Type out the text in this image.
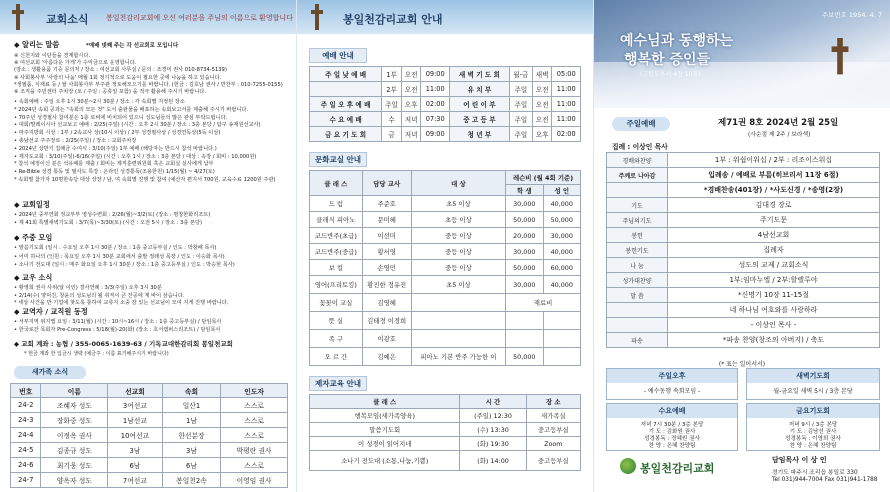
교회소식 봉일천감리교회에 오신 여러분을 주님의 이름으로 환영합니다
◆ 알리는 말씀	*예배 넷째 주는 각 선교회로 모입니다
※ 신천지와 이단들을 경계합시다.
※ 여선교회 '아름다운 가게'가 수익금으로 운영합니다.
(장소 : 생활용품 기증 문의처 / 장소 : 여선교회 사무실 / 문의 : 조경미 권사 010-8734-5139)
※ 사회봉사부 '사랑의 나눔' 매월 1회 정기적으로 도움이 필요한 곳에 나눔을 하고 있습니다.
*생필품, 식재료 등 / 쌀 사회봉사부 부주관 정토해모으기를 바랍니다. (헌금 : 김호남 권사 / 반찬부 : 010-7255-0155)
※ 조직을 주민센터 주차장 (토 / 주일 : 공휴일 포함) 을 적극 활용해 주시기 바랍니다.
• 속회예배 : 주일 오후 1시 30분~2시 30분 / 장소 : 각 속회별 지정된 장소
* 2024년 속회 공과는 "속회의 모든 것" 도서 출판물을 배포하는 속회보고서를 제출해 주시기 바랍니다.
• 70주년 성경필사 참여분은 1층 로비에 비치되어 있으니 성도님들의 많은 관심 부탁드립니다.
• 대회/말레이시아 선교보고 예배 : 2/25(주일) (시간 : 오후 2시 30분 / 장소 : 3층 본당 / 탐구 송재원선교사)
• 파주지방회 시상 : 1부 / 2속교사 상(10시 이상) / 2부 성경필사상 / 성경연독상(5독 이상)
• 총남선교 주주장로 : 2/25(주일) / 장소 : 교회주차장
• 2024년 상반기 집례금 수여식 : 3/10(주일) 1부 예배 (해당자는 반드시 참석 바랍니다.)
• 제자도교회 : 3/10(주일)-6/16(주일) (시간 : 오후 1시 / 장소 : 3층 본당 / 대상 : 속장 / 회비 : 10,000원)
* 참석 예정이신 분은 석유배를 제출 / 회비는 제직훈련위원회 혹은 교회실 실사에게 납부
• Re-Bible 성경 통독 및 필사도 특강 : 온라인 성경통독(조용한원) 1/15(월) ~ 4/27(토)
* 속회별 참가자 10명한속당 대상 상장 / 남, 여 속회별 진행 및 참여 (예산자 편지서 700원, 교육수료 1200원 주관)
◆ 교회일정
• 2024년 중부연회 정교부부 영성수련회 : 2/26(월)~3/2(토) (장소 : 평창한화리조트)
• 제 41회 특별새벽기도회 : 3/7(목)~3/30(토) (시간 : 오전 5시 / 장소 : 3층 본당)
◆ 주중 모임
• 말씀기도회 (일시 : 수요일 오후 1시 30분 / 장소 : 1층 중고등부실 / 인도 : 박창배 목사)
• 어미 하나의 (인원 : 목요일 오후 1시 30분 교회에서 출발 정래성 목장 / 인도 : 이승화 목사)
• 소나기 전도대 (일시 : 매주 화요일 오후 1시 30분 / 장소 : 1층 중고등부실 / 인도 : 박승현 목사)
◆ 교우 소식
• 황영희 권사 사위(알 이인) 결사연례 : 3/3(주일) 오후 3시 30분
• 2/14(수) 양덕진, 창윤의 성도님의 될 취직이 큰 잔공에 계 바이 삼습니다.
* 세상 사건을 반 기업에 찾도록 통하여 교류지 소중 감 있는 선교님이 모여 지게 진행 바랍니다.
◆ 교역자 / 교직원 동정
• 서부지역 위지맵 요일 : 3/11(월) (시간 : 10시~16시 / 장소 : 1층 중고등부실) / 담임목사
• 한국로잔 목회자 Pre-Congress : 5/18(월)-20(화) (장소 : 호서캠퍼스리조트) / 담임목사
◆ 교회 계좌 : 농협 / 355-0065-1639-63 / 기독교대한감리회 봉일천교회
* 헌금 계좌 한 입금시 생략 (예금주 : 이름 표기해주시기 바랍니다)
새가족 소식
번호	이름	선교회	속회	인도자
24-2	조혜자 성도	3여선교	일산1	스스로
24-3	장화중 성도	1남선교	1남	스스로
24-4	이정옥 권사	10여선교	한선분장	스스로
24-5	김종규 성도	3남	3남	박평란 권사
24-6	최기웅 성도	6남	6남	스스로
24-7	양옥자 성도	7여선교	봉일천2속	이영임 권사
봉일천감리교회 안내
예배 안내
주 일 낮 예 배	1부	오전	09:00	새 벽 기 도 회	월-금	새벽	05:00
	2부	오전	11:00	유 치 부	주일	오전	11:00
주 일 오 후 예 배	주일	오후	02:00	어 린 이 부	주일	오전	11:00
수 요 예 배	수	저녁	07:30	중 고 등 부	주일	오전	11:00
금 요 기 도 회	금	저녁	09:00	청 년 부	주일	오후	02:00
문화교실 안내
클 래 스	담당 교사	대 상	레슨비 (월 4회 기준)	
			학 생	성 인
드 럼	주준호	초5 이상	30,000	40,000
클래식 피아노	문미혜	초등 이상	50,000	50,000
코드반주(초급)	이선미	중등 이상	20,000	30,000
코드반주(중급)	황서영	중등 이상	30,000	40,000
보 컬	손영민	중등 이상	50,000	60,000
영어(프리토킹)	황진한 정유진	초5 이상	30,000	40,000
꽃꽂이 교실	김영혜		재료비	
뜻 실	김태경 이경희			
족 구	이광호			
오 르 간	김예은	피아노 기본 반주 가능한 이	50,000	
제자교육 안내
클 래 스	시 간	장 소
행복모임(새가족양육)	(주일) 12:30	새가족실
말씀기도회	(수) 13:30	중고등부실
이 성경이 읽어지네	(화) 19:30	Zoom
소나기 전도대 (소통,나눔,기쁨)	(화) 14:00	중고등부실
주보번호 1954. 4. 7
예수님과 동행하는
행복한 증인들
(고린도후서 4장 10절)
주일예배	제71권 8호 2024년 2월 25일
(사순절 제 2주 / 보라색)
집례 : 이상인 목사
경배와찬양	1부 : 워쉽이워십 / 2부 : 리조이스워십
주께로 나아감	입례송 / 예배로 부름(히브리서 11장 6절)
	*경배찬송(401장) / *사도신경 / *송영(2장)
기도	김대경 장로
주님의기도	주기도문
봉헌	4남선교회
봉헌기도	집례자
나 눔	성도의 교제 / 교회소식
성가대찬양	1부:임마누엘 / 2부:할렐루야
말 씀	*신명기 10장 11-15절
	네 하나님 여호와를 사랑하라
	- 이상인 목사 -
파송	*파송 찬양(창조의 아버지) / 축도
(* 표는 일어서서)
주일오후
- 예수동행 속회모임 -
새벽기도회
월-금요일 새벽 5시 / 3층 본당
수요예배
저녁 7시 30분 / 3층 본당
기 도 : 김화원 권사
성경봉독 : 정혜원 권사
찬 양 : 은혜 찬양팀
금요기도회
저녁 9시 / 3층 본당
기 도 : 김남선 권사
성경봉독 : 이영희 권사
찬 양 : 은혜 찬양팀
봉일천감리교회
담임목사 이 상 인
경기도 파주시 조리읍 봉일로 330
Tel 031)944-7004 Fax 031)941-1788
